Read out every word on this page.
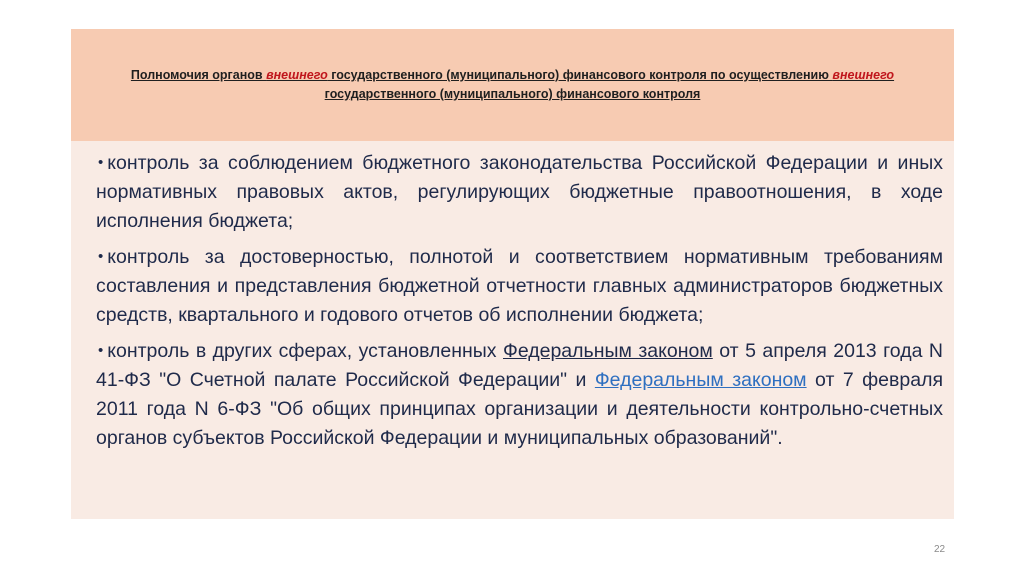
Полномочия органов внешнего государственного (муниципального) финансового контроля по осуществлению внешнего государственного (муниципального) финансового контроля
• контроль за соблюдением бюджетного законодательства Российской Федерации и иных нормативных правовых актов, регулирующих бюджетные правоотношения, в ходе исполнения бюджета;
• контроль за достоверностью, полнотой и соответствием нормативным требованиям составления и представления бюджетной отчетности главных администраторов бюджетных средств, квартального и годового отчетов об исполнении бюджета;
• контроль в других сферах, установленных Федеральным законом от 5 апреля 2013 года N 41-ФЗ "О Счетной палате Российской Федерации" и Федеральным законом от 7 февраля 2011 года N 6-ФЗ "Об общих принципах организации и деятельности контрольно-счетных органов субъектов Российской Федерации и муниципальных образований".
22
